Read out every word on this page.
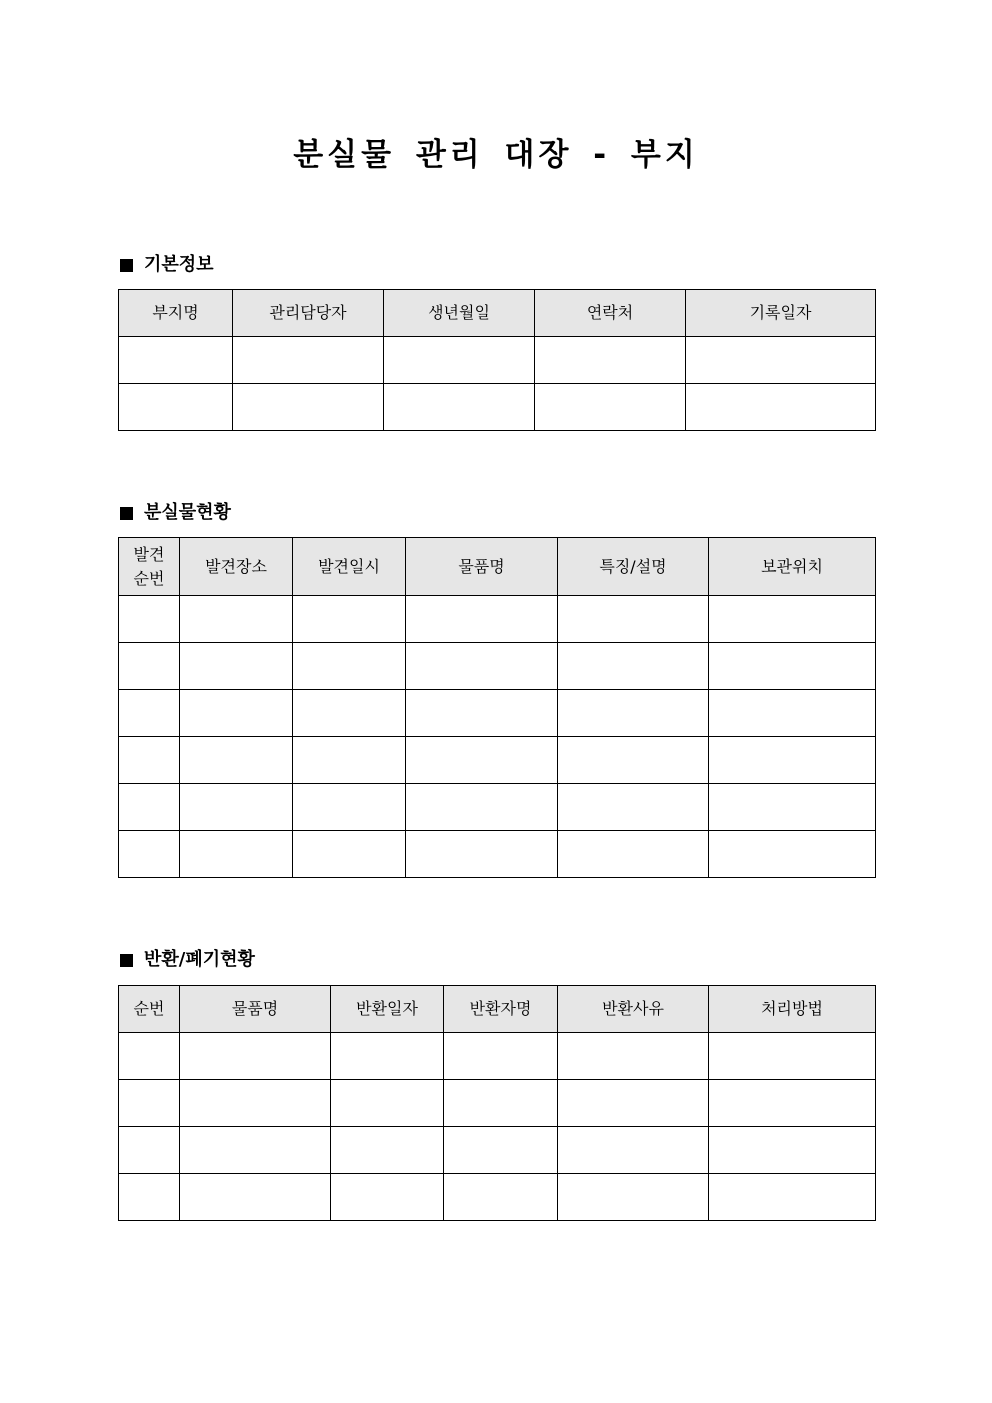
분실물 관리 대장 - 부지
기본정보
부지명	관리담당자	생년월일	연락처	기록일자

분실물현황
발견
순번	발견장소	발견일시	물품명	특징/설명	보관위치

반환/폐기현황
순번	물품명	반환일자	반환자명	반환사유	처리방법
